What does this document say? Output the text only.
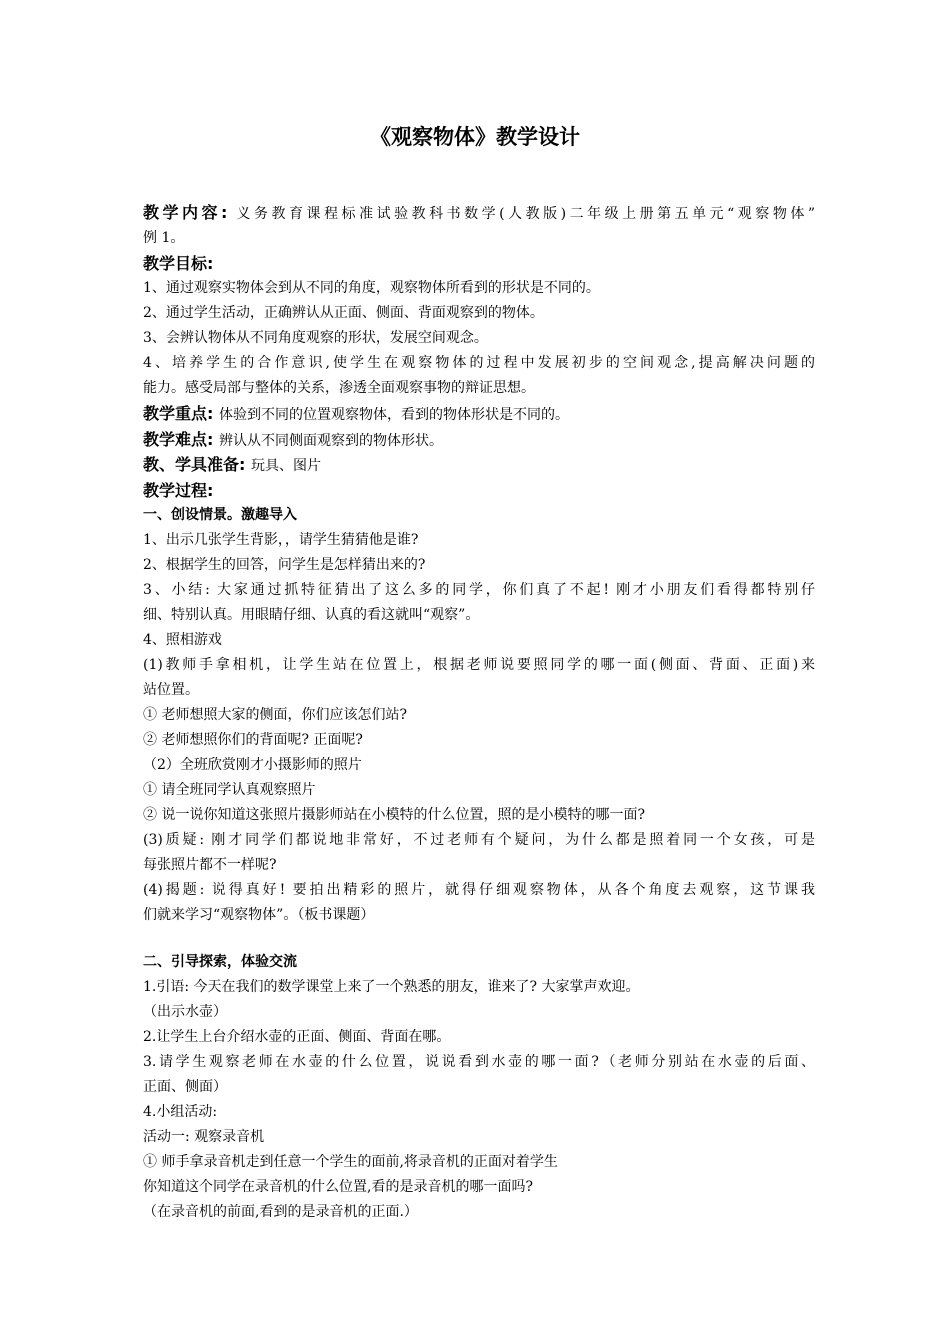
《观察物体》教学设计
教学内容: 义务教育课程标准试验教科书数学(人教版)二年级上册第五单元“观察物体”
例 1。
教学目标:
1、通过观察实物体会到从不同的角度，观察物体所看到的形状是不同的。
2、通过学生活动，正确辨认从正面、侧面、背面观察到的物体。
3、会辨认物体从不同角度观察的形状，发展空间观念。
4、培养学生的合作意识,使学生在观察物体的过程中发展初步的空间观念,提高解决问题的
能力。感受局部与整体的关系，渗透全面观察事物的辩证思想。
教学重点: 体验到不同的位置观察物体，看到的物体形状是不同的。
教学难点: 辨认从不同侧面观察到的物体形状。
教、学具准备: 玩具、图片
教学过程:
一、创设情景。激趣导入
1、出示几张学生背影，，请学生猜猜他是谁?
2、根据学生的回答，问学生是怎样猜出来的?
3、小结: 大家通过抓特征猜出了这么多的同学，你们真了不起! 刚才小朋友们看得都特别仔
细、特别认真。用眼睛仔细、认真的看这就叫“观察”。
4、照相游戏
(1)教师手拿相机，让学生站在位置上，根据老师说要照同学的哪一面(侧面、背面、正面)来
站位置。
① 老师想照大家的侧面，你们应该怎们站?
② 老师想照你们的背面呢? 正面呢?
（2）全班欣赏刚才小摄影师的照片
① 请全班同学认真观察照片
② 说一说你知道这张照片摄影师站在小模特的什么位置，照的是小模特的哪一面?
(3)质疑: 刚才同学们都说地非常好，不过老师有个疑问，为什么都是照着同一个女孩，可是
每张照片都不一样呢?
(4)揭题: 说得真好! 要拍出精彩的照片，就得仔细观察物体，从各个角度去观察，这节课我
们就来学习“观察物体”。（板书课题）
二、引导探索，体验交流
1.引语: 今天在我们的数学课堂上来了一个熟悉的朋友，谁来了? 大家掌声欢迎。
（出示水壶）
2.让学生上台介绍水壶的正面、侧面、背面在哪。
3.请学生观察老师在水壶的什么位置，说说看到水壶的哪一面?（老师分别站在水壶的后面、
正面、侧面）
4.小组活动:
活动一: 观察录音机
① 师手拿录音机走到任意一个学生的面前,将录音机的正面对着学生
你知道这个同学在录音机的什么位置,看的是录音机的哪一面吗?
（在录音机的前面,看到的是录音机的正面.）
